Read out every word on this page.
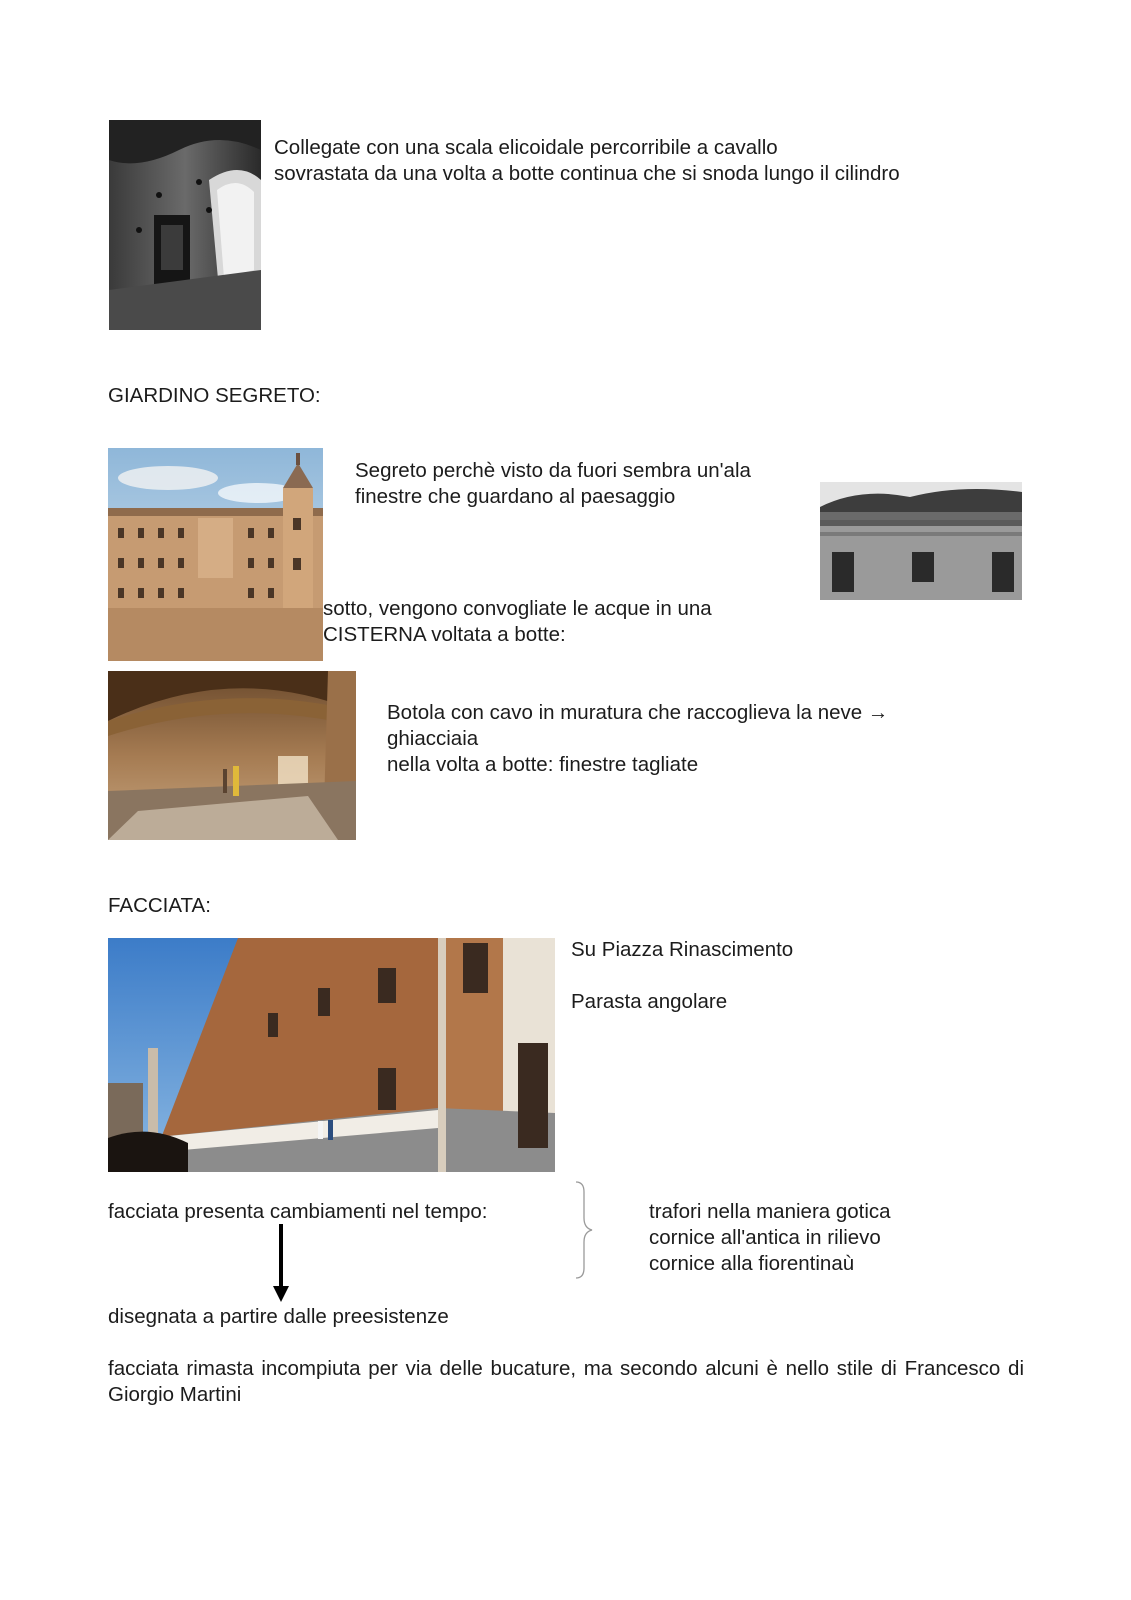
Collegate con una scala elicoidale percorribile a cavallo
sovrastata da una volta a botte continua che si snoda lungo il cilindro
GIARDINO SEGRETO:
Segreto perchè visto da fuori sembra un'ala
finestre che guardano al paesaggio
sotto, vengono convogliate le acque in una
CISTERNA voltata a botte:
Botola con cavo in muratura che raccoglieva la neve →
ghiacciaia
nella volta a botte: finestre tagliate
FACCIATA:
Su Piazza Rinascimento
Parasta angolare
facciata presenta cambiamenti nel tempo:	trafori nella maniera gotica
cornice all'antica in rilievo
cornice alla fiorentinaù
disegnata a partire dalle preesistenze
facciata rimasta incompiuta per via delle bucature, ma secondo alcuni è nello stile di Francesco di Giorgio Martini
